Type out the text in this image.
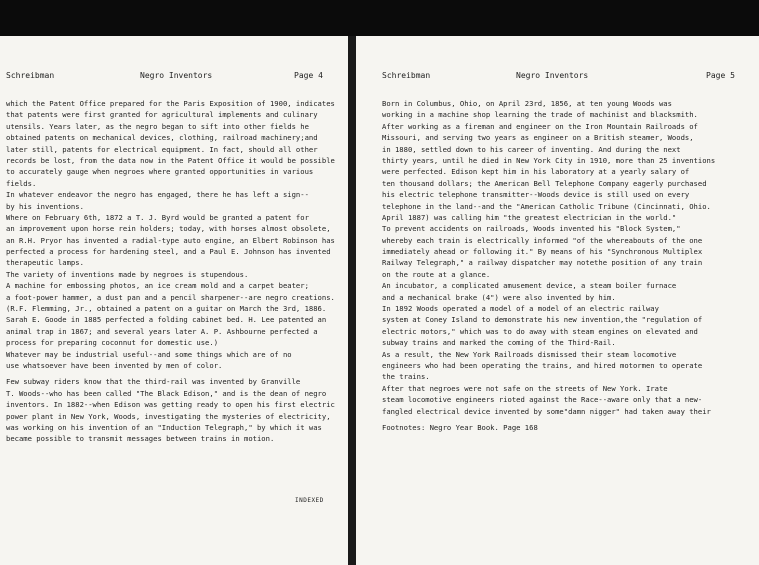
Schreibman	Negro Inventors	Page 4
which the Patent Office prepared for the Paris Exposition of 1900, indicates
that patents were first granted for agricultural implements and culinary
utensils. Years later, as the negro began to sift into other fields he
obtained patents on mechanical devices, clothing, railroad machinery;and
later still, patents for electrical equipment. In fact, should all other
records be lost, from the data now in the Patent Office it would be possible
to accurately gauge when negroes where granted opportunities in various
fields.
In whatever endeavor the negro has engaged, there he has left a sign--
by his inventions.
Where on February 6th, 1872 a T. J. Byrd would be granted a patent for
an improvement upon horse rein holders; today, with horses almost obsolete,
an R.H. Pryor has invented a radial-type auto engine, an Elbert Robinson has
perfected a process for hardening steel, and a Paul E. Johnson has invented
therapeutic lamps.
The variety of inventions made by negroes is stupendous.
A machine for embossing photos, an ice cream mold and a carpet beater;
a foot-power hammer, a dust pan and a pencil sharpener--are negro creations.
(R.F. Flemming, Jr., obtained a patent on a guitar on March the 3rd, 1886.
Sarah E. Goode in 1885 perfected a folding cabinet bed. H. Lee patented an
animal trap in 1867; and several years later A. P. Ashbourne perfected a
process for preparing coconnut for domestic use.)
Whatever may be industrial useful--and some things which are of no
use whatsoever have been invented by men of color.
Few subway riders know that the third-rail was invented by Granville
T. Woods--who has been called "The Black Edison," and is the dean of negro
inventors. In 1882--when Edison was getting ready to open his first electric
power plant in New York, Woods, investigating the mysteries of electricity,
was working on his invention of an "Induction Telegraph," by which it was
became possible to transmit messages between trains in motion.
INDEXED
Schreibman	Negro Inventors	Page 5
Born in Columbus, Ohio, on April 23rd, 1856, at ten young Woods was
working in a machine shop learning the trade of machinist and blacksmith.
After working as a fireman and engineer on the Iron Mountain Railroads of
Missouri, and serving two years as engineer on a British steamer, Woods,
in 1880, settled down to his career of inventing. And during the next
thirty years, until he died in New York City in 1910, more than 25 inventions
were perfected. Edison kept him in his laboratory at a yearly salary of
ten thousand dollars; the American Bell Telephone Company eagerly purchased
his electric telephone transmitter--Woods device is still used on every
telephone in the land--and the "American Catholic Tribune (Cincinnati, Ohio.
April 1887) was calling him "the greatest electrician in the world."
To prevent accidents on railroads, Woods invented his "Block System,"
whereby each train is electrically informed "of the whereabouts of the one
immediately ahead or following it." By means of his "Synchronous Multiplex
Railway Telegraph," a railway dispatcher may notethe position of any train
on the route at a glance.
An incubator, a complicated amusement device, a steam boiler furnace
and a mechanical brake (4") were also invented by him.
In 1892 Woods operated a model of a model of an electric railway
system at Coney Island to demonstrate his new invention,the "regulation of
electric motors," which was to do away with steam engines on elevated and
subway trains and marked the coming of the Third-Rail.
As a result, the New York Railroads dismissed their steam locomotive
engineers who had been operating the trains, and hired motormen to operate
the trains.
After that negroes were not safe on the streets of New York. Irate
steam locomotive engineers rioted against the Race--aware only that a new-
fangled electrical device invented by some"damn nigger" had taken away their
Footnotes: Negro Year Book. Page 168
